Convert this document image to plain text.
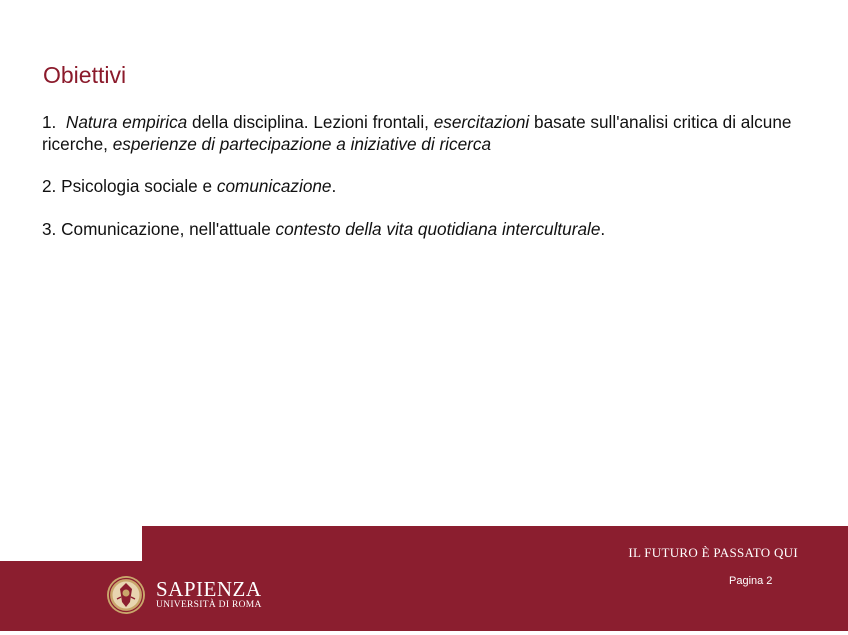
Obiettivi

1. Natura empirica della disciplina. Lezioni frontali, esercitazioni basate sull'analisi critica di alcune ricerche, esperienze di partecipazione a iniziative di ricerca

2. Psicologia sociale e comunicazione.

3. Comunicazione, nell'attuale contesto della vita quotidiana interculturale.

IL FUTURO È PASSATO QUI
Pagina 2
SAPIENZA
UNIVERSITÀ DI ROMA
